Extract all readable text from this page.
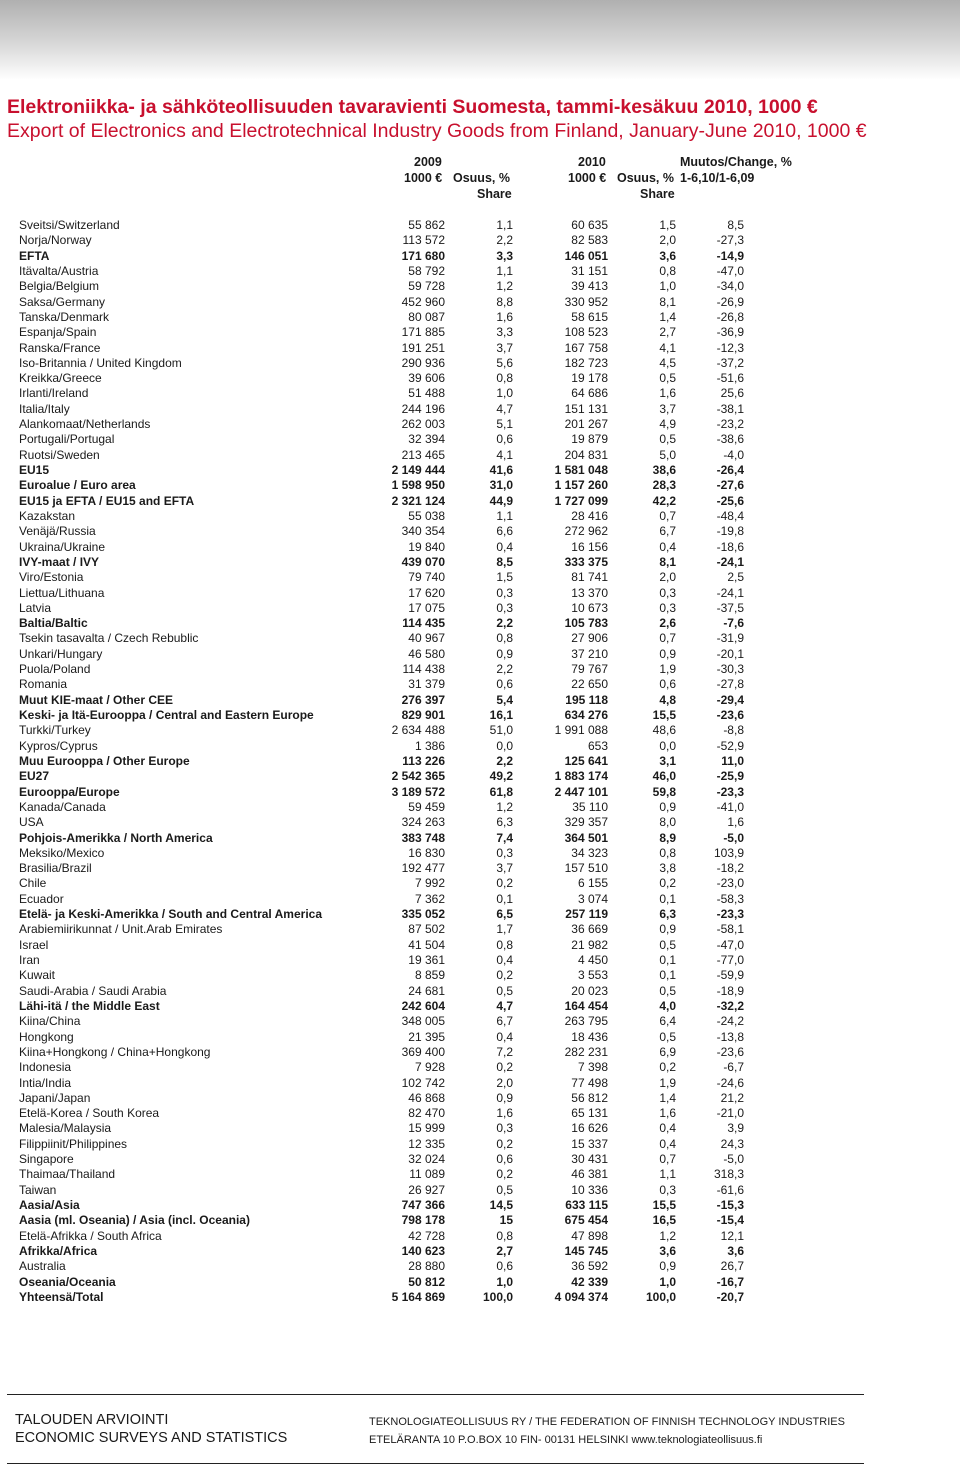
Elektroniikka- ja sähköteollisuuden tavaravienti Suomesta, tammi-kesäkuu 2010, 1000 €
Export of Electronics and Electrotechnical Industry Goods from Finland, January-June 2010, 1000 €
2009	2010	Muutos/Change, %
1000 € Osuus, %	1000 € Osuus, % 1-6,10/1-6,09
Share	Share
Sveitsi/Switzerland	55 862	1,1	60 635	1,5	8,5
Norja/Norway	113 572	2,2	82 583	2,0	-27,3
EFTA	171 680	3,3	146 051	3,6	-14,9
Itävalta/Austria	58 792	1,1	31 151	0,8	-47,0
Belgia/Belgium	59 728	1,2	39 413	1,0	-34,0
Saksa/Germany	452 960	8,8	330 952	8,1	-26,9
Tanska/Denmark	80 087	1,6	58 615	1,4	-26,8
Espanja/Spain	171 885	3,3	108 523	2,7	-36,9
Ranska/France	191 251	3,7	167 758	4,1	-12,3
Iso-Britannia / United Kingdom	290 936	5,6	182 723	4,5	-37,2
Kreikka/Greece	39 606	0,8	19 178	0,5	-51,6
Irlanti/Ireland	51 488	1,0	64 686	1,6	25,6
Italia/Italy	244 196	4,7	151 131	3,7	-38,1
Alankomaat/Netherlands	262 003	5,1	201 267	4,9	-23,2
Portugali/Portugal	32 394	0,6	19 879	0,5	-38,6
Ruotsi/Sweden	213 465	4,1	204 831	5,0	-4,0
EU15	2 149 444	41,6	1 581 048	38,6	-26,4
Euroalue / Euro area	1 598 950	31,0	1 157 260	28,3	-27,6
EU15 ja EFTA / EU15 and EFTA	2 321 124	44,9	1 727 099	42,2	-25,6
Kazakstan	55 038	1,1	28 416	0,7	-48,4
Venäjä/Russia	340 354	6,6	272 962	6,7	-19,8
Ukraina/Ukraine	19 840	0,4	16 156	0,4	-18,6
IVY-maat / IVY	439 070	8,5	333 375	8,1	-24,1
Viro/Estonia	79 740	1,5	81 741	2,0	2,5
Liettua/Lithuana	17 620	0,3	13 370	0,3	-24,1
Latvia	17 075	0,3	10 673	0,3	-37,5
Baltia/Baltic	114 435	2,2	105 783	2,6	-7,6
Tsekin tasavalta / Czech Rebublic	40 967	0,8	27 906	0,7	-31,9
Unkari/Hungary	46 580	0,9	37 210	0,9	-20,1
Puola/Poland	114 438	2,2	79 767	1,9	-30,3
Romania	31 379	0,6	22 650	0,6	-27,8
Muut KIE-maat / Other CEE	276 397	5,4	195 118	4,8	-29,4
Keski- ja Itä-Eurooppa / Central and Eastern Europe	829 901	16,1	634 276	15,5	-23,6
Turkki/Turkey	2 634 488	51,0	1 991 088	48,6	-8,8
Kypros/Cyprus	1 386	0,0	653	0,0	-52,9
Muu Eurooppa / Other Europe	113 226	2,2	125 641	3,1	11,0
EU27	2 542 365	49,2	1 883 174	46,0	-25,9
Eurooppa/Europe	3 189 572	61,8	2 447 101	59,8	-23,3
Kanada/Canada	59 459	1,2	35 110	0,9	-41,0
USA	324 263	6,3	329 357	8,0	1,6
Pohjois-Amerikka / North America	383 748	7,4	364 501	8,9	-5,0
Meksiko/Mexico	16 830	0,3	34 323	0,8	103,9
Brasilia/Brazil	192 477	3,7	157 510	3,8	-18,2
Chile	7 992	0,2	6 155	0,2	-23,0
Ecuador	7 362	0,1	3 074	0,1	-58,3
Etelä- ja Keski-Amerikka / South and Central America	335 052	6,5	257 119	6,3	-23,3
Arabiemiirikunnat / Unit.Arab Emirates	87 502	1,7	36 669	0,9	-58,1
Israel	41 504	0,8	21 982	0,5	-47,0
Iran	19 361	0,4	4 450	0,1	-77,0
Kuwait	8 859	0,2	3 553	0,1	-59,9
Saudi-Arabia / Saudi Arabia	24 681	0,5	20 023	0,5	-18,9
Lähi-itä / the Middle East	242 604	4,7	164 454	4,0	-32,2
Kiina/China	348 005	6,7	263 795	6,4	-24,2
Hongkong	21 395	0,4	18 436	0,5	-13,8
Kiina+Hongkong / China+Hongkong	369 400	7,2	282 231	6,9	-23,6
Indonesia	7 928	0,2	7 398	0,2	-6,7
Intia/India	102 742	2,0	77 498	1,9	-24,6
Japani/Japan	46 868	0,9	56 812	1,4	21,2
Etelä-Korea / South Korea	82 470	1,6	65 131	1,6	-21,0
Malesia/Malaysia	15 999	0,3	16 626	0,4	3,9
Filippiinit/Philippines	12 335	0,2	15 337	0,4	24,3
Singapore	32 024	0,6	30 431	0,7	-5,0
Thaimaa/Thailand	11 089	0,2	46 381	1,1	318,3
Taiwan	26 927	0,5	10 336	0,3	-61,6
Aasia/Asia	747 366	14,5	633 115	15,5	-15,3
Aasia (ml. Oseania) / Asia (incl. Oceania)	798 178	15	675 454	16,5	-15,4
Etelä-Afrikka / South Africa	42 728	0,8	47 898	1,2	12,1
Afrikka/Africa	140 623	2,7	145 745	3,6	3,6
Australia	28 880	0,6	36 592	0,9	26,7
Oseania/Oceania	50 812	1,0	42 339	1,0	-16,7
Yhteensä/Total	5 164 869	100,0	4 094 374	100,0	-20,7
TALOUDEN ARVIOINTI
ECONOMIC SURVEYS AND STATISTICS
TEKNOLOGIATEOLLISUUS RY / THE FEDERATION OF FINNISH TECHNOLOGY INDUSTRIES
ETELÄRANTA 10 P.O.BOX 10 FIN- 00131 HELSINKI www.teknologiateollisuus.fi
